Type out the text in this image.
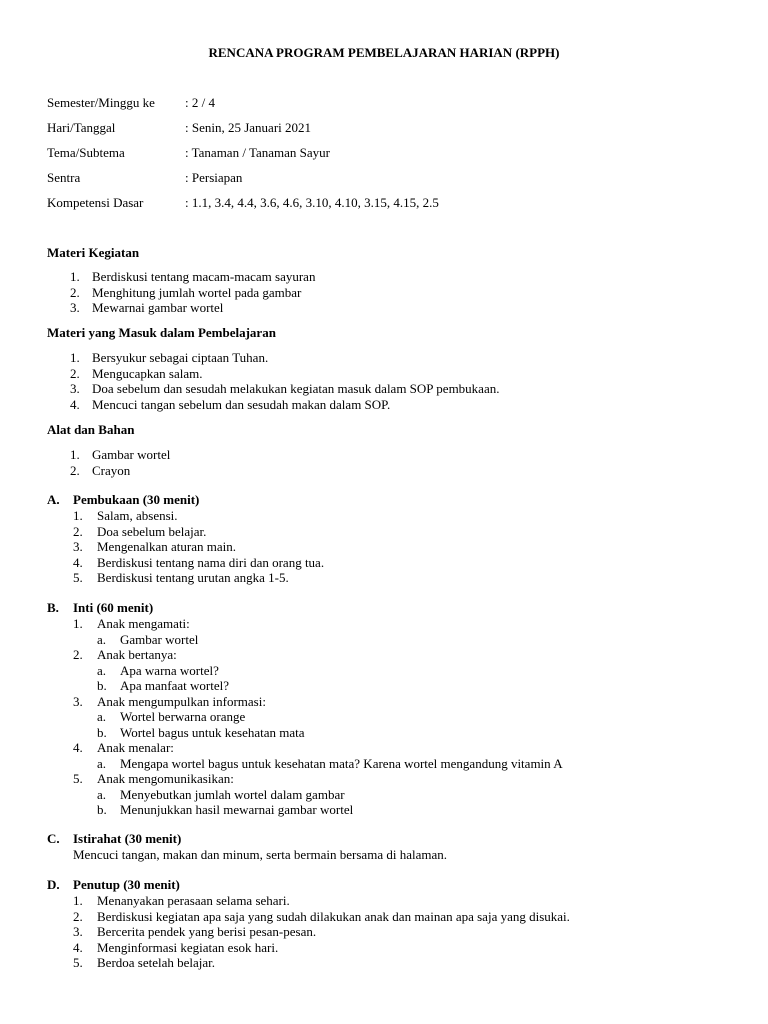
RENCANA PROGRAM PEMBELAJARAN HARIAN (RPPH)
Semester/Minggu ke : 2 / 4
Hari/Tanggal	: Senin, 25 Januari 2021
Tema/Subtema	: Tanaman / Tanaman Sayur
Sentra	: Persiapan
Kompetensi Dasar	: 1.1, 3.4, 4.4, 3.6, 4.6, 3.10, 4.10, 3.15, 4.15, 2.5
Materi Kegiatan
1. Berdiskusi tentang macam-macam sayuran
2. Menghitung jumlah wortel pada gambar
3. Mewarnai gambar wortel
Materi yang Masuk dalam Pembelajaran
1. Bersyukur sebagai ciptaan Tuhan.
2. Mengucapkan salam.
3. Doa sebelum dan sesudah melakukan kegiatan masuk dalam SOP pembukaan.
4. Mencuci tangan sebelum dan sesudah makan dalam SOP.
Alat dan Bahan
1. Gambar wortel
2. Crayon
A. Pembukaan (30 menit)
1. Salam, absensi.
2. Doa sebelum belajar.
3. Mengenalkan aturan main.
4. Berdiskusi tentang nama diri dan orang tua.
5. Berdiskusi tentang urutan angka 1-5.
B. Inti (60 menit)
1. Anak mengamati:
a. Gambar wortel
2. Anak bertanya:
a. Apa warna wortel?
b. Apa manfaat wortel?
3. Anak mengumpulkan informasi:
a. Wortel berwarna orange
b. Wortel bagus untuk kesehatan mata
4. Anak menalar:
a. Mengapa wortel bagus untuk kesehatan mata? Karena wortel mengandung vitamin A
5. Anak mengomunikasikan:
a. Menyebutkan jumlah wortel dalam gambar
b. Menunjukkan hasil mewarnai gambar wortel
C. Istirahat (30 menit)
Mencuci tangan, makan dan minum, serta bermain bersama di halaman.
D. Penutup (30 menit)
1. Menanyakan perasaan selama sehari.
2. Berdiskusi kegiatan apa saja yang sudah dilakukan anak dan mainan apa saja yang disukai.
3. Bercerita pendek yang berisi pesan-pesan.
4. Menginformasi kegiatan esok hari.
5. Berdoa setelah belajar.
